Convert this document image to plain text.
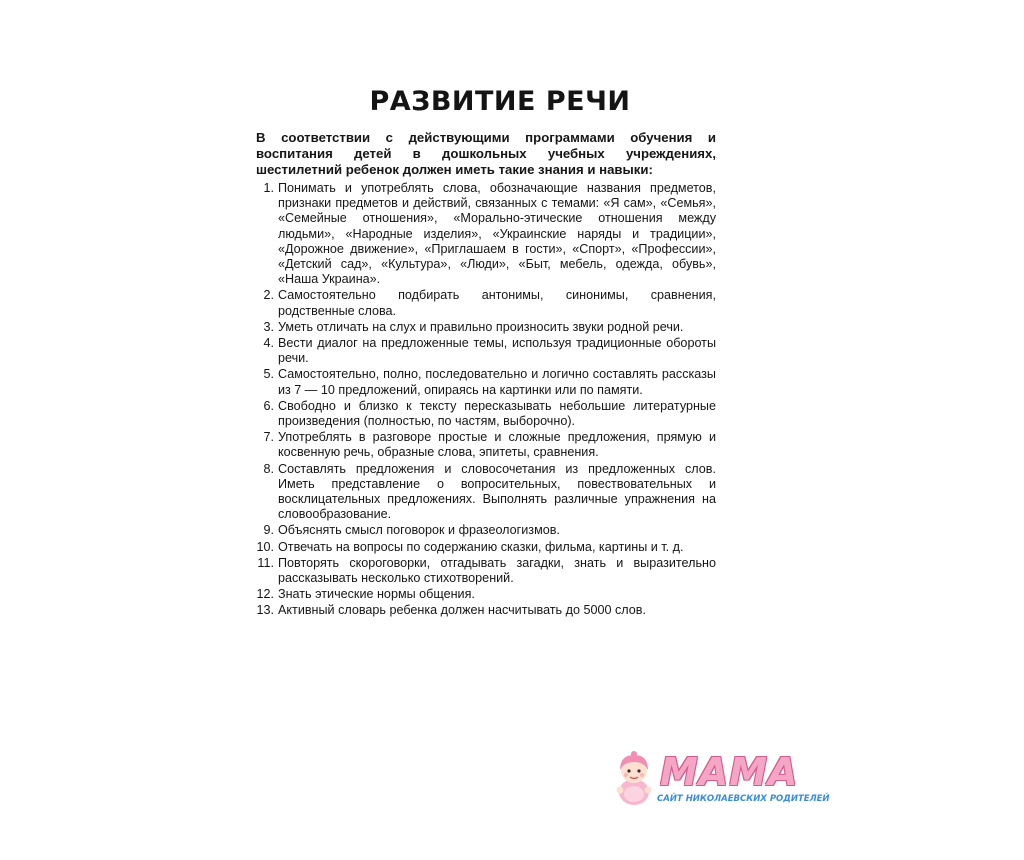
РАЗВИТИЕ РЕЧИ

В соответствии с действующими программами обучения и воспитания детей в дошкольных учебных учреждениях, шестилетний ребенок должен иметь такие знания и навыки:

1. Понимать и употреблять слова, обозначающие названия предметов, признаки предметов и действий, связанных с темами: «Я сам», «Семья», «Семейные отношения», «Морально-этические отношения между людьми», «Народные изделия», «Украинские наряды и традиции», «Дорожное движение», «Приглашаем в гости», «Спорт», «Профессии», «Детский сад», «Культура», «Люди», «Быт, мебель, одежда, обувь», «Наша Украина».
2. Самостоятельно подбирать антонимы, синонимы, сравнения, родственные слова.
3. Уметь отличать на слух и правильно произносить звуки родной речи.
4. Вести диалог на предложенные темы, используя традиционные обороты речи.
5. Самостоятельно, полно, последовательно и логично составлять рассказы из 7 — 10 предложений, опираясь на картинки или по памяти.
6. Свободно и близко к тексту пересказывать небольшие литературные произведения (полностью, по частям, выборочно).
7. Употреблять в разговоре простые и сложные предложения, прямую и косвенную речь, образные слова, эпитеты, сравнения.
8. Составлять предложения и словосочетания из предложенных слов. Иметь представление о вопросительных, повествовательных и восклицательных предложениях. Выполнять различные упражнения на словообразование.
9. Объяснять смысл поговорок и фразеологизмов.
10. Отвечать на вопросы по содержанию сказки, фильма, картины и т. д.
11. Повторять скороговорки, отгадывать загадки, знать и выразительно рассказывать несколько стихотворений.
12. Знать этические нормы общения.
13. Активный словарь ребенка должен насчитывать до 5000 слов.
МАМА
САЙТ НИКОЛАЕВСКИХ РОДИТЕЛЕЙ
